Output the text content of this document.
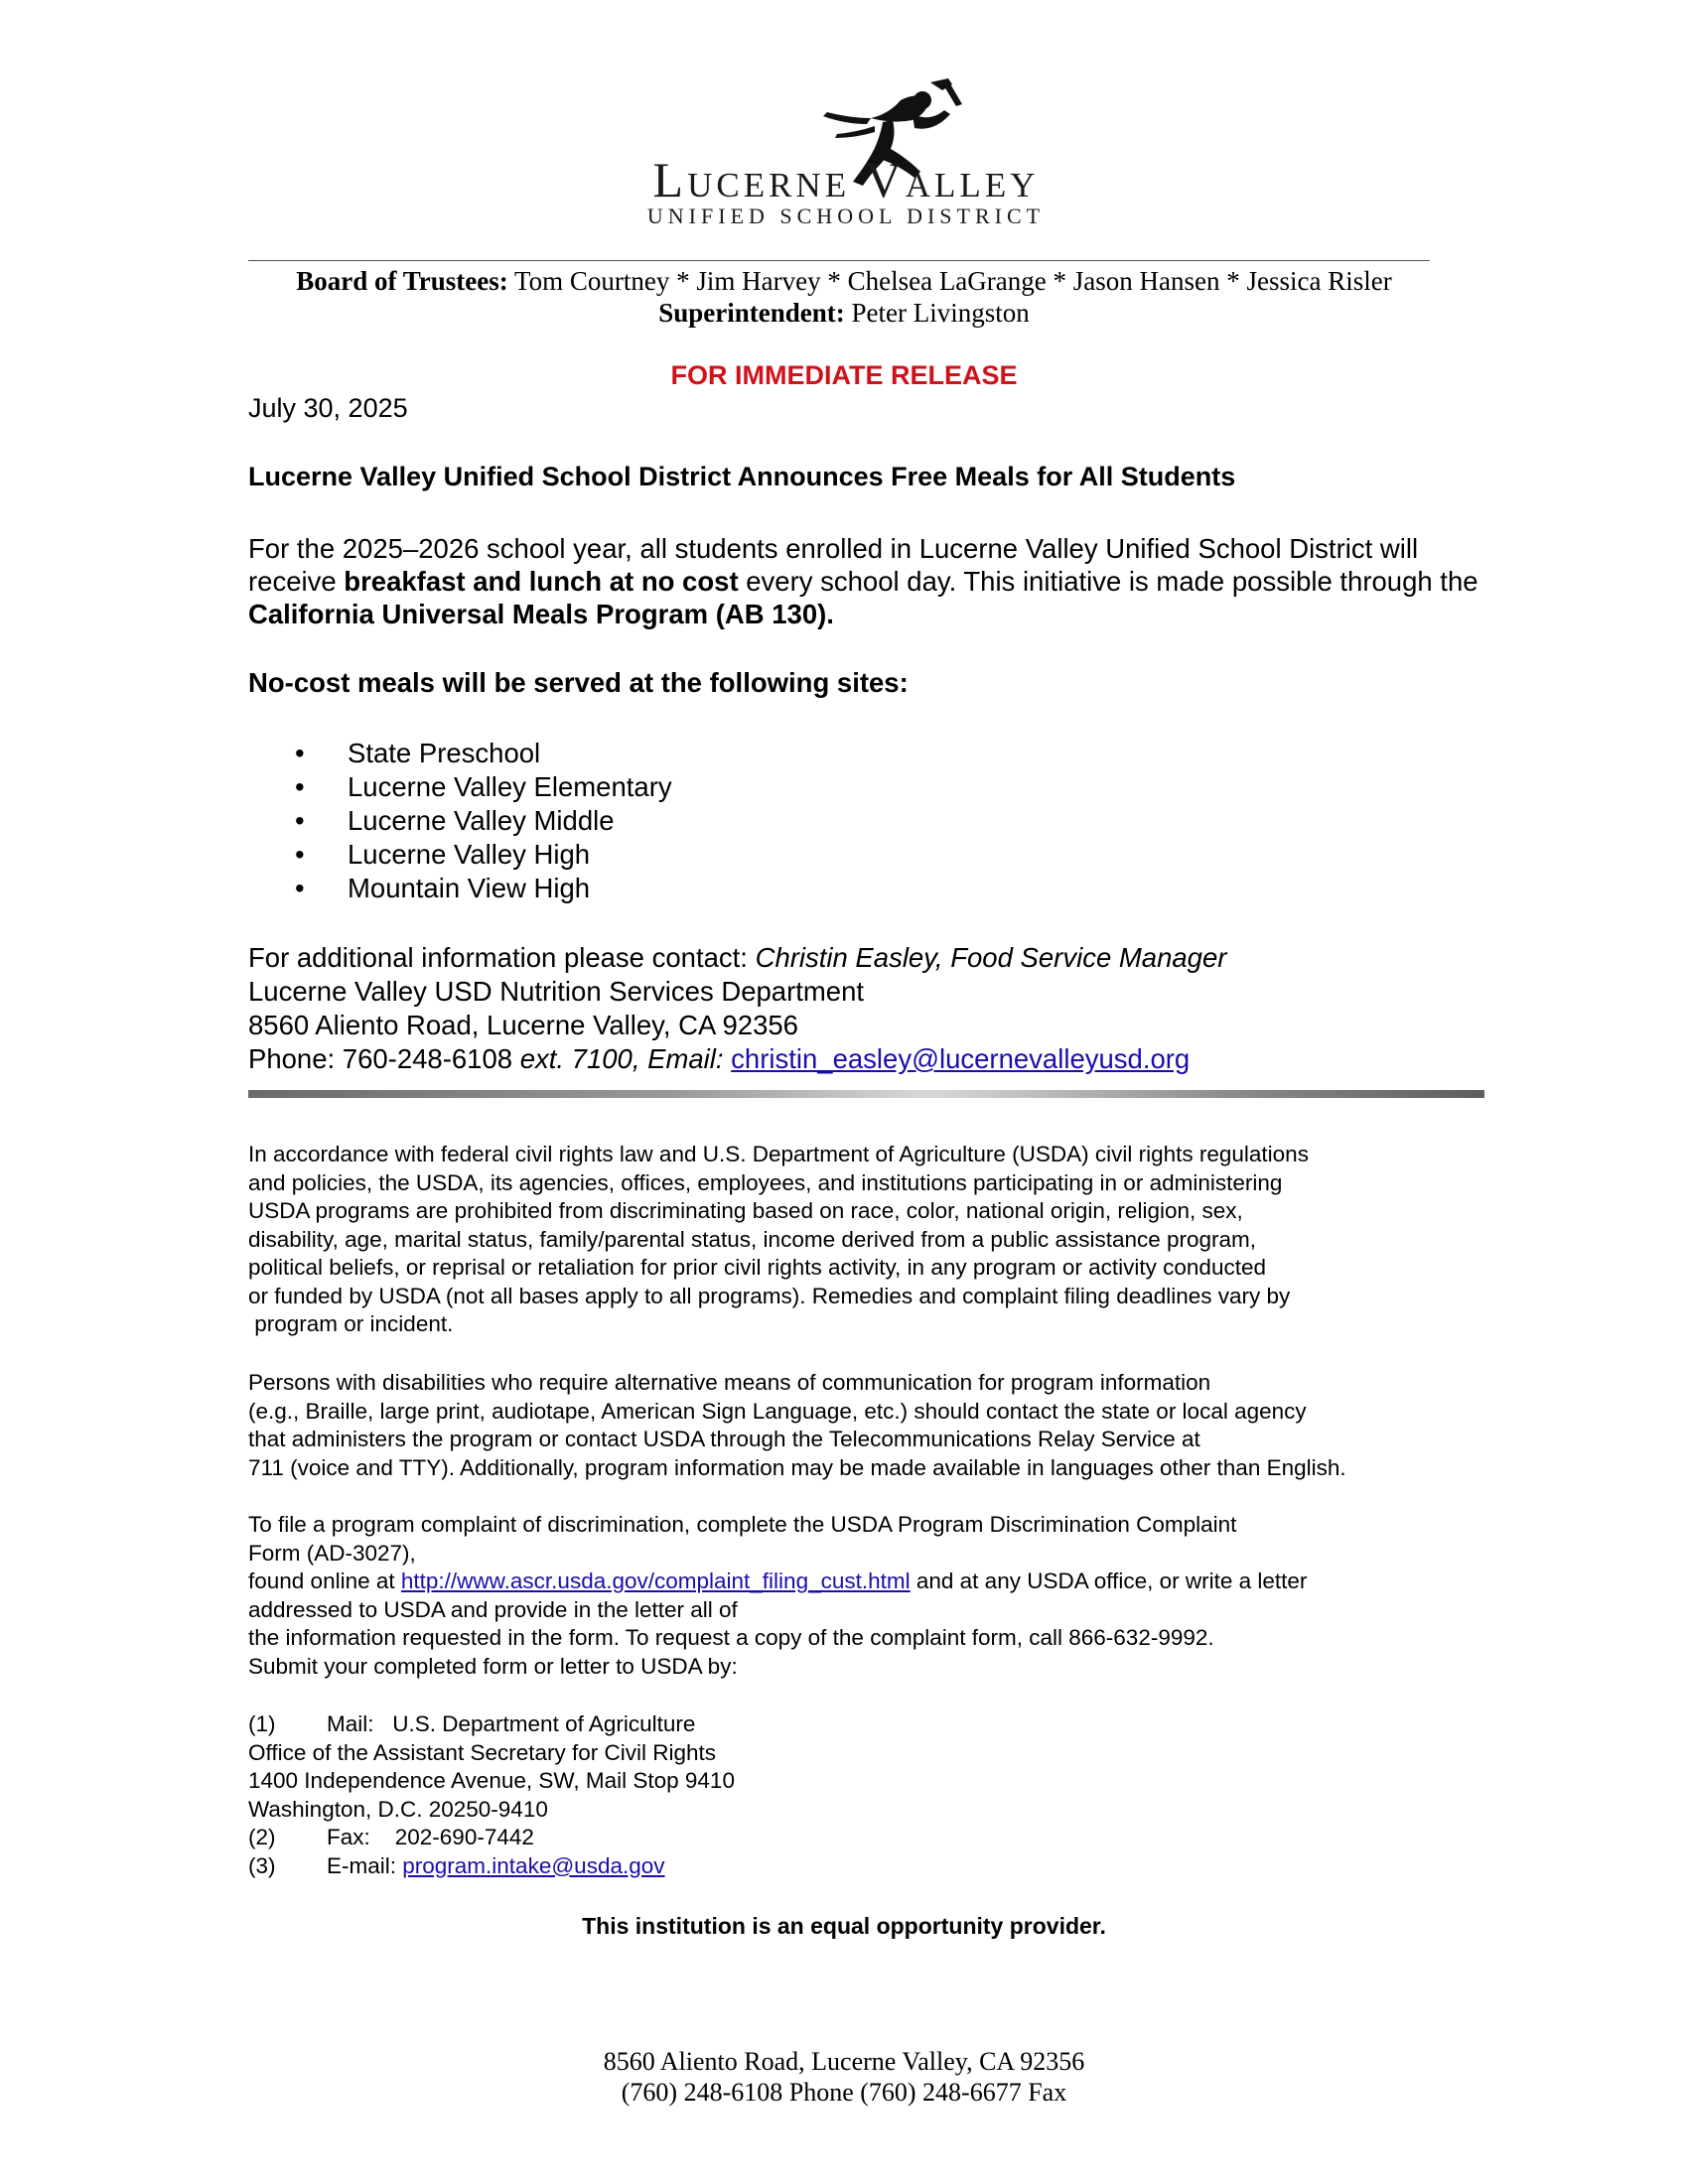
Lucerne Valley
UNIFIED SCHOOL DISTRICT
Board of Trustees: Tom Courtney * Jim Harvey * Chelsea LaGrange * Jason Hansen * Jessica Risler
Superintendent: Peter Livingston
FOR IMMEDIATE RELEASE
July 30, 2025
Lucerne Valley Unified School District Announces Free Meals for All Students
For the 2025–2026 school year, all students enrolled in Lucerne Valley Unified School District will receive breakfast and lunch at no cost every school day. This initiative is made possible through the California Universal Meals Program (AB 130).
No-cost meals will be served at the following sites:
• State Preschool
• Lucerne Valley Elementary
• Lucerne Valley Middle
• Lucerne Valley High
• Mountain View High
For additional information please contact: Christin Easley, Food Service Manager
Lucerne Valley USD Nutrition Services Department
8560 Aliento Road, Lucerne Valley, CA 92356
Phone: 760-248-6108 ext. 7100, Email: christin_easley@lucernevalleyusd.org
In accordance with federal civil rights law and U.S. Department of Agriculture (USDA) civil rights regulations
and policies, the USDA, its agencies, offices, employees, and institutions participating in or administering
USDA programs are prohibited from discriminating based on race, color, national origin, religion, sex,
disability, age, marital status, family/parental status, income derived from a public assistance program,
political beliefs, or reprisal or retaliation for prior civil rights activity, in any program or activity conducted
or funded by USDA (not all bases apply to all programs). Remedies and complaint filing deadlines vary by
program or incident.
Persons with disabilities who require alternative means of communication for program information
(e.g., Braille, large print, audiotape, American Sign Language, etc.) should contact the state or local agency
that administers the program or contact USDA through the Telecommunications Relay Service at
711 (voice and TTY). Additionally, program information may be made available in languages other than English.
To file a program complaint of discrimination, complete the USDA Program Discrimination Complaint
Form (AD-3027),
found online at http://www.ascr.usda.gov/complaint_filing_cust.html and at any USDA office, or write a letter
addressed to USDA and provide in the letter all of
the information requested in the form. To request a copy of the complaint form, call 866-632-9992.
Submit your completed form or letter to USDA by:
(1) Mail:   U.S. Department of Agriculture
Office of the Assistant Secretary for Civil Rights
1400 Independence Avenue, SW, Mail Stop 9410
Washington, D.C. 20250-9410
(2) Fax:    202-690-7442
(3) E-mail: program.intake@usda.gov
This institution is an equal opportunity provider.
8560 Aliento Road, Lucerne Valley, CA 92356
(760) 248-6108 Phone (760) 248-6677 Fax
